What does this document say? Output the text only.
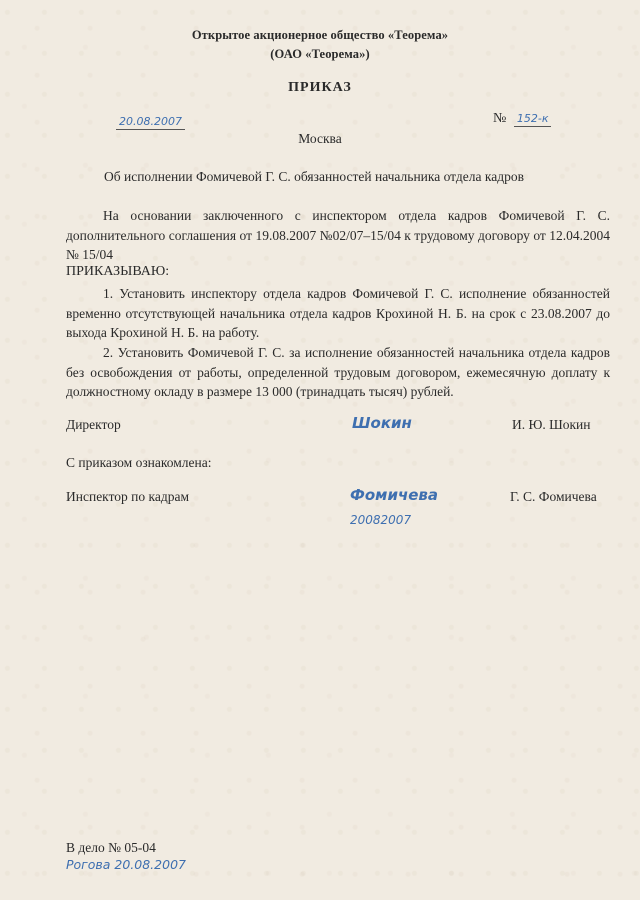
Открытое акционерное общество «Теорема»
(ОАО «Теорема»)
ПРИКАЗ
20.08.2007	№ 152-к
Москва
Об исполнении Фомичевой Г. С. обязанностей начальника отдела кадров
На основании заключенного с инспектором отдела кадров Фомичевой Г. С. дополнительного соглашения от 19.08.2007 №02/07–15/04 к трудовому договору от 12.04.2004 № 15/04
ПРИКАЗЫВАЮ:
1. Установить инспектору отдела кадров Фомичевой Г. С. исполнение обязанностей временно отсутствующей начальника отдела кадров Крохиной Н. Б. на срок с 23.08.2007 до выхода Крохиной Н. Б. на работу.
2. Установить Фомичевой Г. С. за исполнение обязанностей начальника отдела кадров без освобождения от работы, определенной трудовым договором, ежемесячную доплату к должностному окладу в размере 13 000 (тринадцать тысяч) рублей.
Директор	Шокин	И. Ю. Шокин
С приказом ознакомлена:
Инспектор по кадрам	Фомичева
20082007
Г. С. Фомичева
В дело № 05-04
Рогова 20.08.2007
